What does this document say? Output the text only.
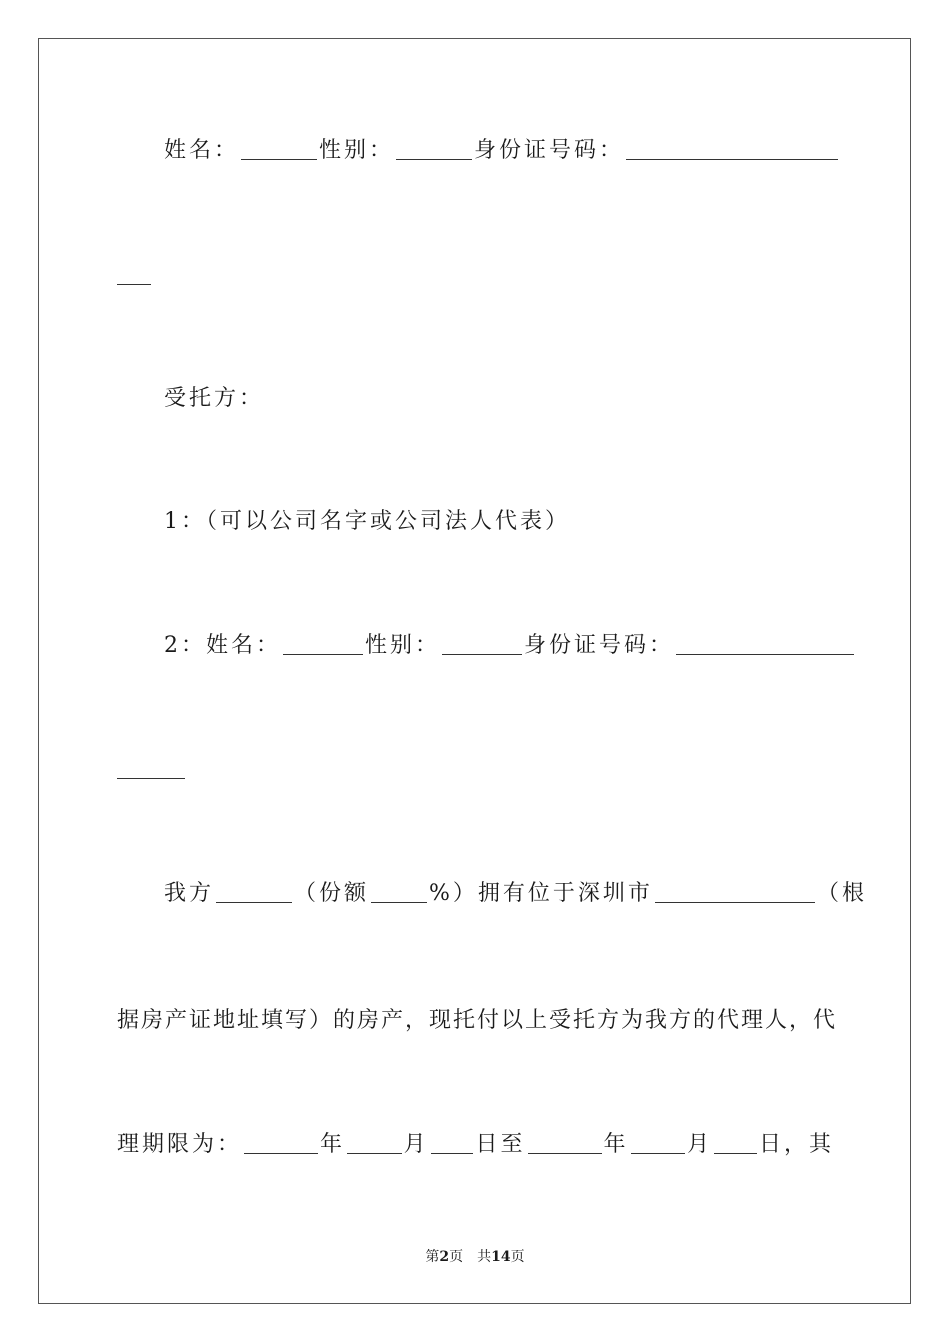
姓名：	性别：	身份证号码：
受托方：
1：（可以公司名字或公司法人代表）
2：姓名：	性别：	身份证号码：
我方	（份额	%）拥有位于深圳市	（根
据房产证地址填写）的房产，现托付以上受托方为我方的代理人，代
理期限为：	年	月 日至	年	月 日，其
第2页　共14页
